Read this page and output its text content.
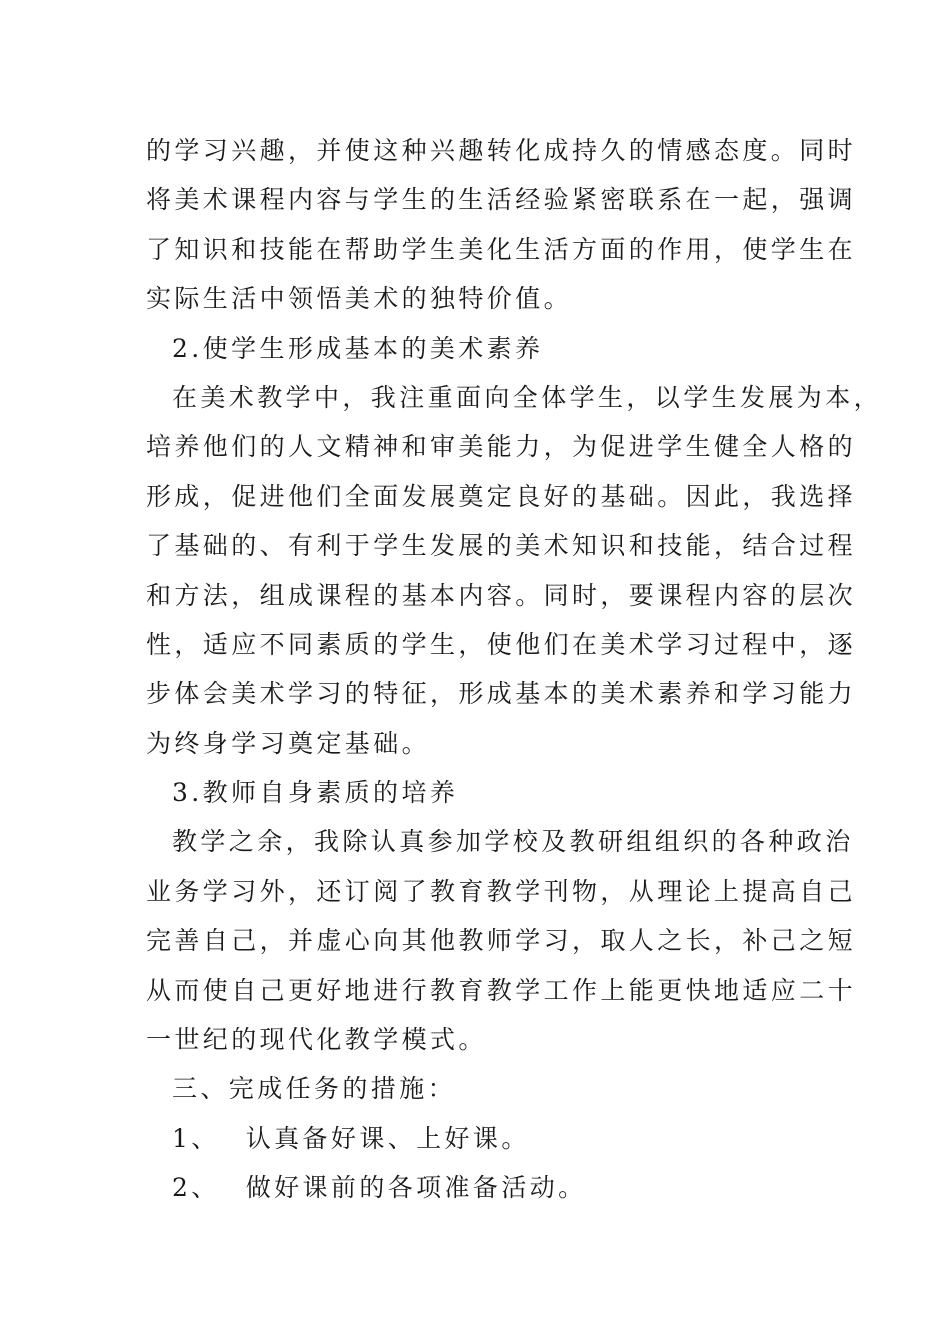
的学习兴趣，并使这种兴趣转化成持久的情感态度。同时
将美术课程内容与学生的生活经验紧密联系在一起，强调
了知识和技能在帮助学生美化生活方面的作用，使学生在
实际生活中领悟美术的独特价值。
2.使学生形成基本的美术素养
在美术教学中，我注重面向全体学生，以学生发展为本，
培养他们的人文精神和审美能力，为促进学生健全人格的
形成，促进他们全面发展奠定良好的基础。因此，我选择
了基础的、有利于学生发展的美术知识和技能，结合过程
和方法，组成课程的基本内容。同时，要课程内容的层次
性，适应不同素质的学生，使他们在美术学习过程中，逐
步体会美术学习的特征，形成基本的美术素养和学习能力
为终身学习奠定基础。
3.教师自身素质的培养
教学之余，我除认真参加学校及教研组组织的各种政治
业务学习外，还订阅了教育教学刊物，从理论上提高自己
完善自己，并虚心向其他教师学习，取人之长，补己之短
从而使自己更好地进行教育教学工作上能更快地适应二十
一世纪的现代化教学模式。
三、完成任务的措施：
1、 认真备好课、上好课。
2、 做好课前的各项准备活动。
